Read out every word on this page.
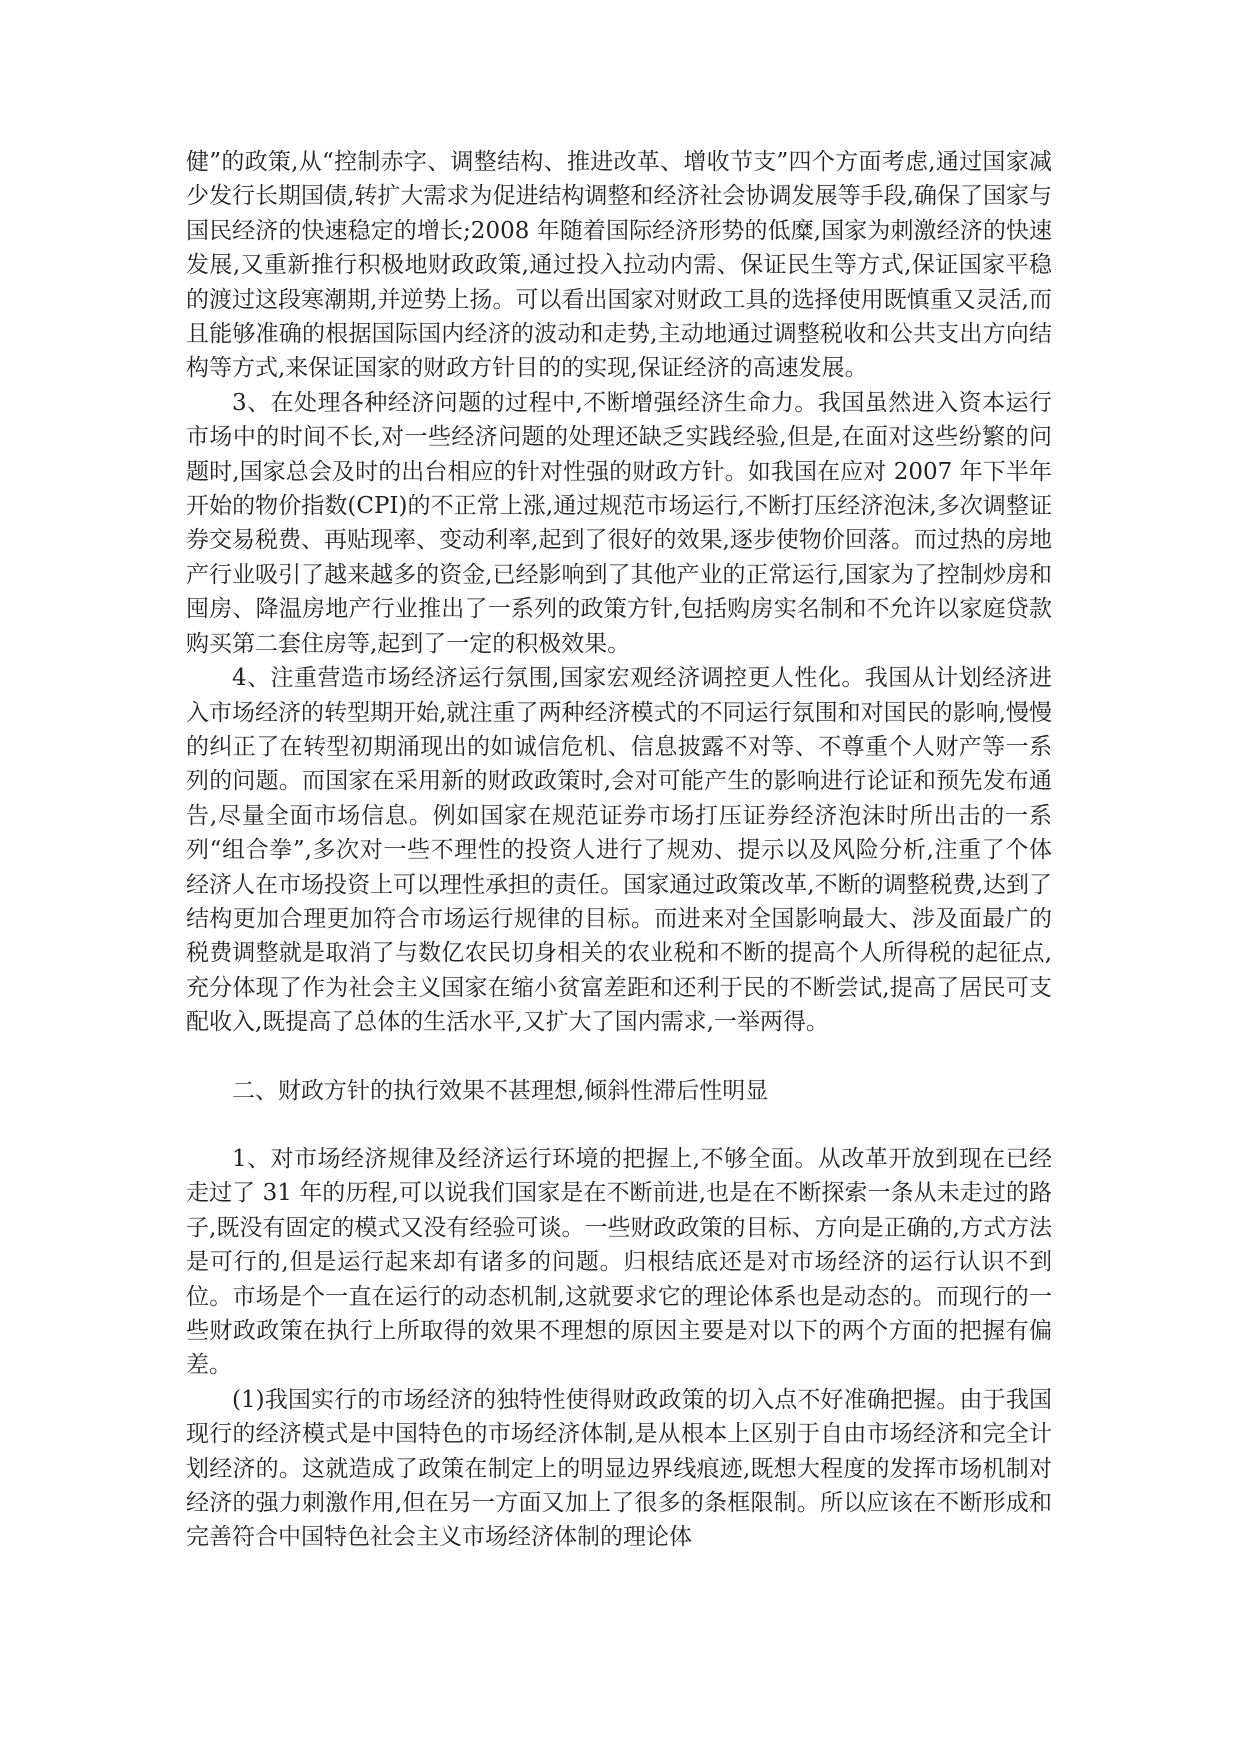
健”的政策,从“控制赤字、调整结构、推进改革、增收节支”四个方面考虑,通过国家减少发行长期国债,转扩大需求为促进结构调整和经济社会协调发展等手段,确保了国家与国民经济的快速稳定的增长;2008 年随着国际经济形势的低糜,国家为刺激经济的快速发展,又重新推行积极地财政政策,通过投入拉动内需、保证民生等方式,保证国家平稳的渡过这段寒潮期,并逆势上扬。可以看出国家对财政工具的选择使用既慎重又灵活,而且能够准确的根据国际国内经济的波动和走势,主动地通过调整税收和公共支出方向结构等方式,来保证国家的财政方针目的的实现,保证经济的高速发展。

3、在处理各种经济问题的过程中,不断增强经济生命力。我国虽然进入资本运行市场中的时间不长,对一些经济问题的处理还缺乏实践经验,但是,在面对这些纷繁的问题时,国家总会及时的出台相应的针对性强的财政方针。如我国在应对 2007 年下半年开始的物价指数(CPI)的不正常上涨,通过规范市场运行,不断打压经济泡沫,多次调整证券交易税费、再贴现率、变动利率,起到了很好的效果,逐步使物价回落。而过热的房地产行业吸引了越来越多的资金,已经影响到了其他产业的正常运行,国家为了控制炒房和囤房、降温房地产行业推出了一系列的政策方针,包括购房实名制和不允许以家庭贷款购买第二套住房等,起到了一定的积极效果。

4、注重营造市场经济运行氛围,国家宏观经济调控更人性化。我国从计划经济进入市场经济的转型期开始,就注重了两种经济模式的不同运行氛围和对国民的影响,慢慢的纠正了在转型初期涌现出的如诚信危机、信息披露不对等、不尊重个人财产等一系列的问题。而国家在采用新的财政政策时,会对可能产生的影响进行论证和预先发布通告,尽量全面市场信息。例如国家在规范证券市场打压证券经济泡沫时所出击的一系列“组合拳”,多次对一些不理性的投资人进行了规劝、提示以及风险分析,注重了个体经济人在市场投资上可以理性承担的责任。国家通过政策改革,不断的调整税费,达到了结构更加合理更加符合市场运行规律的目标。而进来对全国影响最大、涉及面最广的税费调整就是取消了与数亿农民切身相关的农业税和不断的提高个人所得税的起征点,充分体现了作为社会主义国家在缩小贫富差距和还利于民的不断尝试,提高了居民可支配收入,既提高了总体的生活水平,又扩大了国内需求,一举两得。

二、财政方针的执行效果不甚理想,倾斜性滞后性明显

1、对市场经济规律及经济运行环境的把握上,不够全面。从改革开放到现在已经走过了 31 年的历程,可以说我们国家是在不断前进,也是在不断探索一条从未走过的路子,既没有固定的模式又没有经验可谈。一些财政政策的目标、方向是正确的,方式方法是可行的,但是运行起来却有诸多的问题。归根结底还是对市场经济的运行认识不到位。市场是个一直在运行的动态机制,这就要求它的理论体系也是动态的。而现行的一些财政政策在执行上所取得的效果不理想的原因主要是对以下的两个方面的把握有偏差。

(1)我国实行的市场经济的独特性使得财政政策的切入点不好准确把握。由于我国现行的经济模式是中国特色的市场经济体制,是从根本上区别于自由市场经济和完全计划经济的。这就造成了政策在制定上的明显边界线痕迹,既想大程度的发挥市场机制对经济的强力刺激作用,但在另一方面又加上了很多的条框限制。所以应该在不断形成和完善符合中国特色社会主义市场经济体制的理论体
